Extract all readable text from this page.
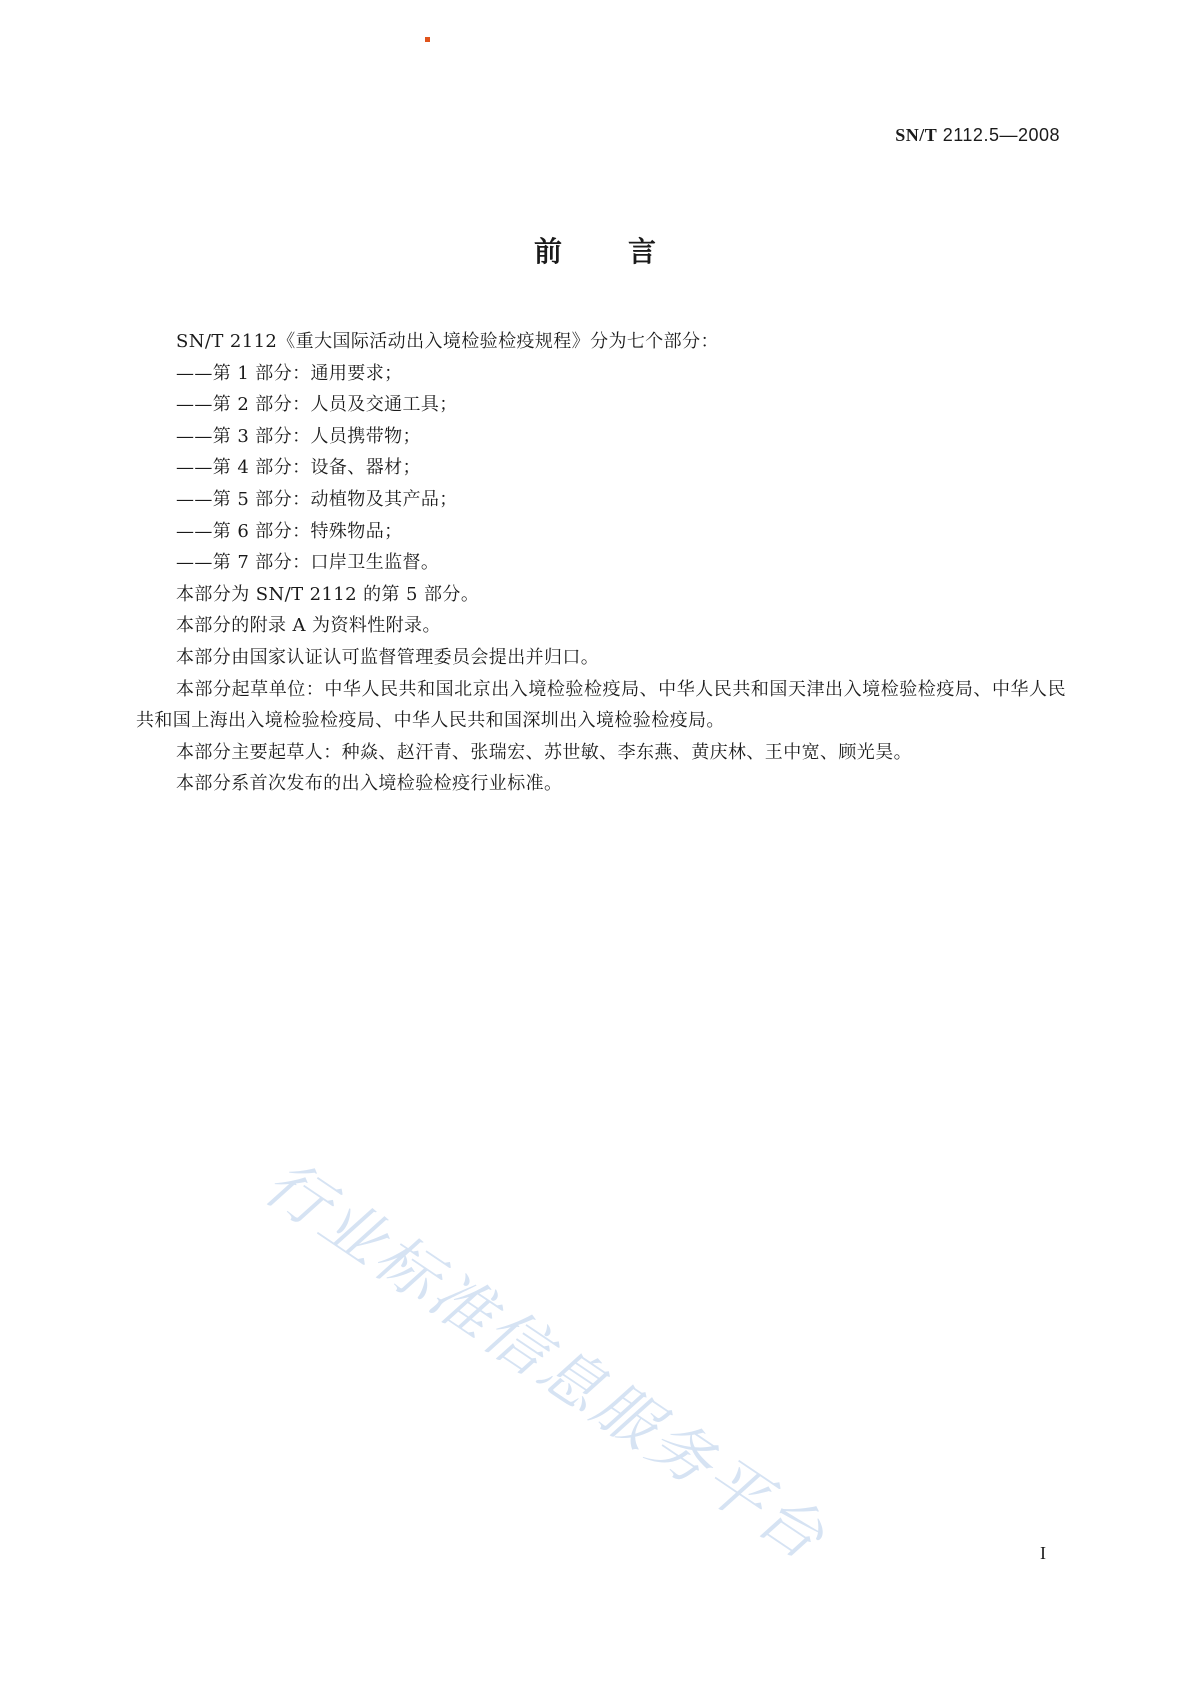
SN/T 2112.5—2008
前言

SN/T 2112《重大国际活动出入境检验检疫规程》分为七个部分：

——第 1 部分：通用要求；

——第 2 部分：人员及交通工具；

——第 3 部分：人员携带物；

——第 4 部分：设备、器材；

——第 5 部分：动植物及其产品；

——第 6 部分：特殊物品；

——第 7 部分：口岸卫生监督。

本部分为 SN/T 2112 的第 5 部分。

本部分的附录 A 为资料性附录。

本部分由国家认证认可监督管理委员会提出并归口。

本部分起草单位：中华人民共和国北京出入境检验检疫局、中华人民共和国天津出入境检验检疫局、中华人民共和国上海出入境检验检疫局、中华人民共和国深圳出入境检验检疫局。

本部分主要起草人：种焱、赵汗青、张瑞宏、苏世敏、李东燕、黄庆林、王中宽、顾光昊。

本部分系首次发布的出入境检验检疫行业标准。

行业标准信息服务平台	I
